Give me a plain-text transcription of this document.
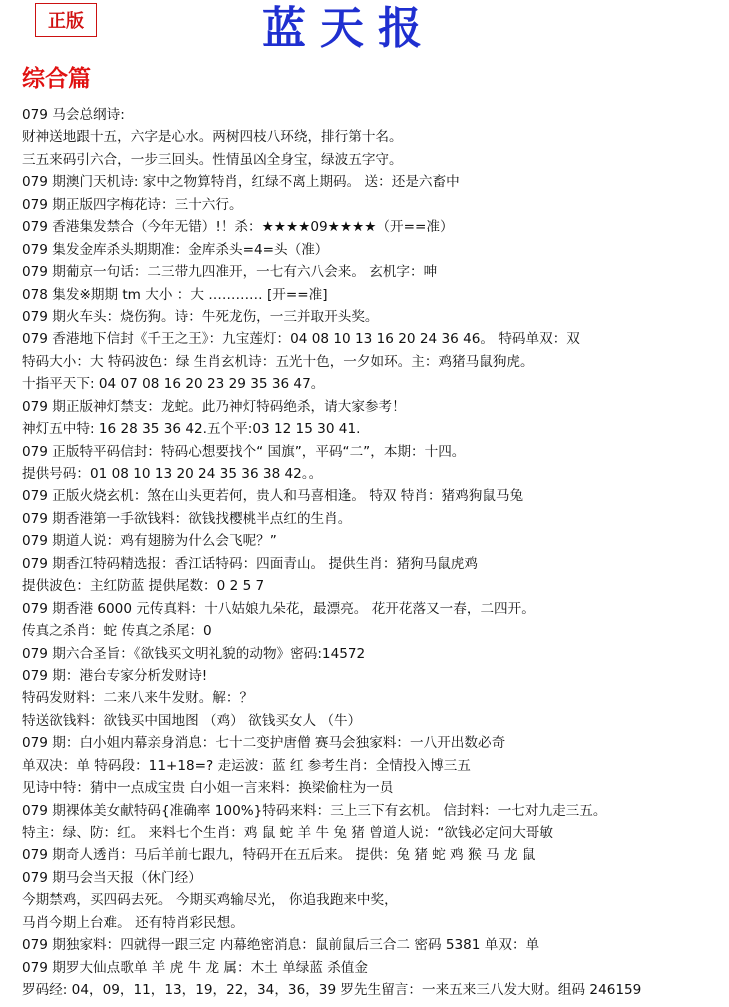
正版	蓝天报
综合篇
079 马会总纲诗:
财神送地跟十五，六字是心水。两树四枝八环绕，排行第十名。
三五来码引六合，一步三回头。性情虽凶全身宝，绿波五字守。
079 期澳门天机诗: 家中之物算特肖，红绿不离上期码。 送：还是六畜中
079 期正版四字梅花诗：三十六行。
079 香港集发禁合（今年无错）!！杀：★★★★09★★★★（开==准）
079 集发金库杀头期期准：金库杀头=4=头（准）
079 期葡京一句话：二三带九四准开，一七有六八会来。 玄机字：呻
078 集发※期期 tm 大小 ：大 ………… [开==准]
079 期火车头：烧伤狗。诗：牛死龙伤，一三并取开头奖。
079 香港地下信封《千王之王》：九宝莲灯：04 08 10 13 16 20 24 36 46。 特码单双：双
特码大小：大 特码波色：绿 生肖玄机诗：五光十色，一夕如环。主：鸡猪马鼠狗虎。
十指平天下: 04 07 08 16 20 23 29 35 36 47。
079 期正版神灯禁支：龙蛇。此乃神灯特码绝杀，请大家参考！
神灯五中特: 16 28 35 36 42.五个平:03 12 15 30 41.
079 正版特平码信封：特码心想要找个“ 国旗”，平码“二”，本期：十四。
提供号码：01 08 10 13 20 24 35 36 38 42。。
079 正版火烧玄机：煞在山头更若何，贵人和马喜相逢。 特双 特肖：猪鸡狗鼠马兔
079 期香港第一手欲钱料：欲钱找樱桃半点红的生肖。
079 期道人说：鸡有翅膀为什么会飞呢？”
079 期香江特码精选报：香江话特码：四面青山。 提供生肖：猪狗马鼠虎鸡
提供波色：主红防蓝 提供尾数：0 2 5 7
079 期香港 6000 元传真料：十八姑娘九朵花，最漂亮。 花开花落又一春，二四开。
传真之杀肖：蛇 传真之杀尾：0
079 期六合圣旨：《欲钱买文明礼貌的动物》密码:14572
079 期：港台专家分析发财诗!
特码发财料：二来八来牛发财。解：？
特送欲钱料：欲钱买中国地图 （鸡） 欲钱买女人 （牛）
079 期：白小姐内幕亲身消息：七十二变护唐僧 赛马会独家料：一八开出数必奇
单双决：单 特码段：11+18=? 走运波：蓝 红 参考生肖：全情投入博三五
见诗中特：猜中一点成宝贵 白小姐一言来料：换梁偷柱为一员
079 期裸体美女献特码{准确率 100%}特码来料：三上三下有玄机。 信封料：一七对九走三五。
特主：绿、防：红。 来料七个生肖：鸡 鼠 蛇 羊 牛 兔 猪 曾道人说：“欲钱必定问大哥敏
079 期奇人透肖：马后羊前七跟九，特码开在五后来。 提供：兔 猪 蛇 鸡 猴 马 龙 鼠
079 期马会当天报（休门经）
今期禁鸡，买四码去死。 今期买鸡输尽光， 你追我跑来中奖，
马肖今期上台难。 还有特肖彩民想。
079 期独家料：四就得一跟三定 内幕绝密消息：鼠前鼠后三合二 密码 5381 单双：单
079 期罗大仙点歌单 羊 虎 牛 龙 属：木土 单绿蓝 杀值金
罗码经: 04，09，11，13，19，22，34，36，39 罗先生留言：一来五来三八发大财。组码 246159
